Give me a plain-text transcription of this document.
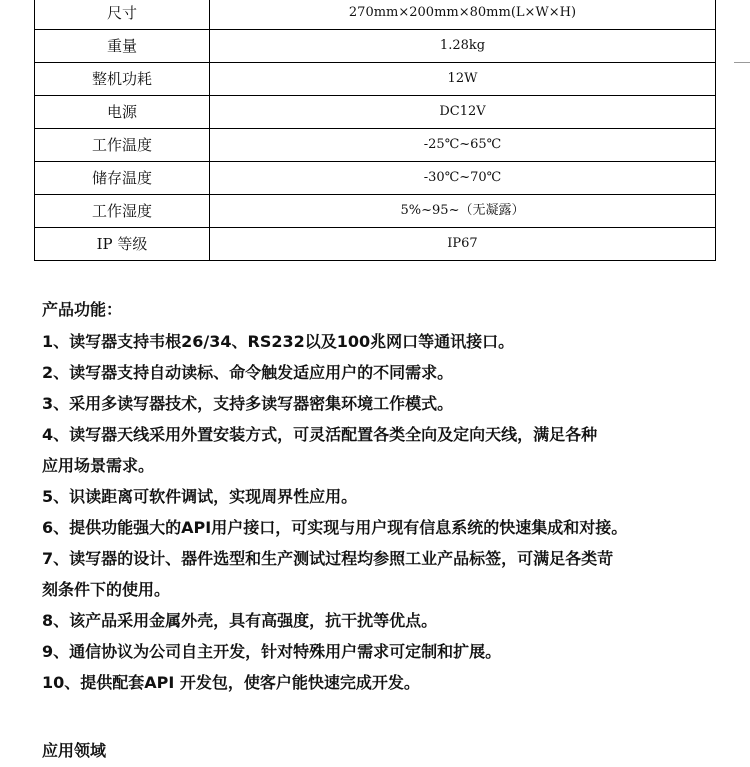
尺寸	270mm×200mm×80mm(L×W×H)
重量	1.28kg
整机功耗	12W
电源	DC12V
工作温度	-25℃~65℃
储存温度	-30℃~70℃
工作湿度	5%~95~（无凝露）
IP 等级	IP67
产品功能：
1、读写器支持韦根26/34、RS232以及100兆网口等通讯接口。
2、读写器支持自动读标、命令触发适应用户的不同需求。
3、采用多读写器技术，支持多读写器密集环境工作模式。
4、读写器天线采用外置安装方式，可灵活配置各类全向及定向天线，满足各种
应用场景需求。
5、识读距离可软件调试，实现周界性应用。
6、提供功能强大的API用户接口，可实现与用户现有信息系统的快速集成和对接。
7、读写器的设计、器件选型和生产测试过程均参照工业产品标签，可满足各类苛
刻条件下的使用。
8、该产品采用金属外壳，具有高强度，抗干扰等优点。
9、通信协议为公司自主开发，针对特殊用户需求可定制和扩展。
10、提供配套API 开发包，使客户能快速完成开发。
应用领域
